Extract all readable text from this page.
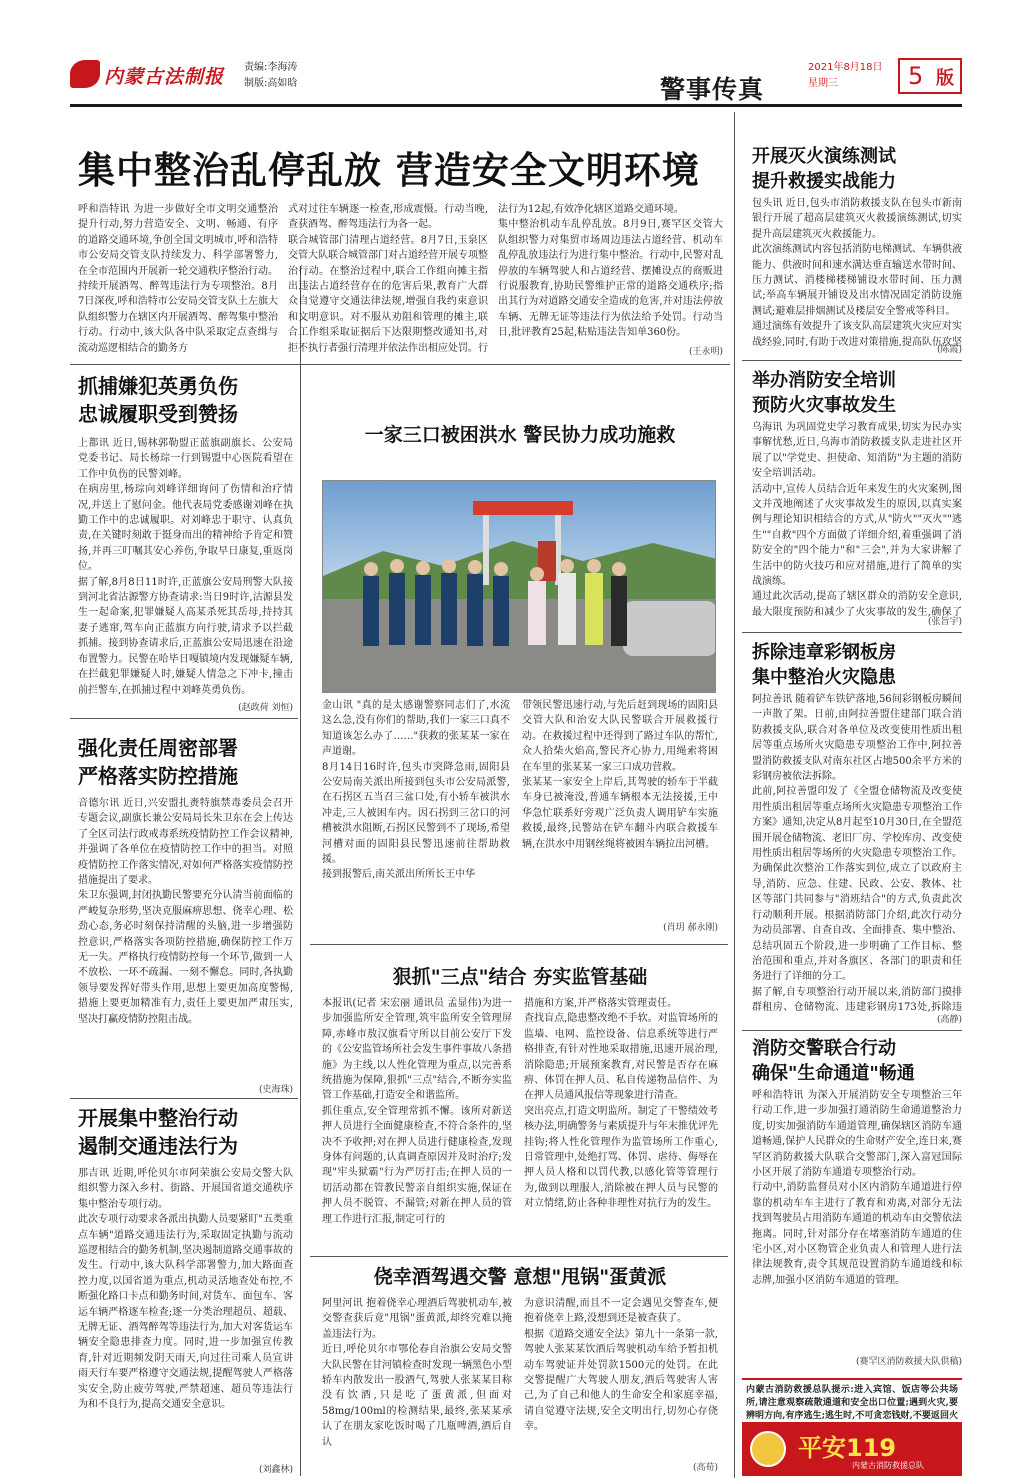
内蒙古法制报 责编:李海涛
制版:高如晗	警事传真
2021年8月18日
星期三	5 版
集中整治乱停乱放 营造安全文明环境
呼和浩特讯 为进一步做好全市文明交通整治提升行动,努力营造安全、文明、畅通、有序的道路交通环境,争创全国文明城市,呼和浩特市公安局交管支队持续发力、科学部署警力,在全市范围内开展新一轮交通秩序整治行动。
持续开展酒驾、醉驾违法行为专项整治。8月7日深夜,呼和浩特市公安局交管支队土左旗大队组织警力在辖区内开展酒驾、醉驾集中整治行动。行动中,该大队各中队采取定点查缉与流动巡逻相结合的勤务方
式对过往车辆逐一检查,形成震慑。行动当晚,查获酒驾、醉驾违法行为各一起。
联合城管部门清理占道经营。8月7日,玉泉区交管大队联合城管部门对占道经营开展专项整治行动。在整治过程中,联合工作组向摊主指出违法占道经营存在的危害后果,教育广大群众自觉遵守交通法律法规,增强自我约束意识和文明意识。对不服从劝阻和管理的摊主,联合工作组采取证据后下达限期整改通知书,对拒不执行者强行清理并依法作出相应处罚。行
法行为12起,有效净化辖区道路交通环境。
集中整治机动车乱停乱放。8月9日,赛罕区交管大队组织警力对集贸市场周边违法占道经营、机动车乱停乱放违法行为进行集中整治。行动中,民警对乱停放的车辆驾驶人和占道经营、摆摊设点的商贩进行说服教育,协助民警维护正常的道路交通秩序;指出其行为对道路交通安全造成的危害,并对违法停放车辆、无牌无证等违法行为依法给予处罚。行动当日,批评教育25起,粘贴违法告知单360份。
(王永明)
抓捕嫌犯英勇负伤
忠诚履职受到赞扬
上都讯 近日,锡林郭勒盟正蓝旗副旗长、公安局党委书记、局长杨琮一行到锡盟中心医院看望在工作中负伤的民警刘峰。
在病房里,杨琮向刘峰详细询问了伤情和治疗情况,并送上了慰问金。他代表局党委感谢刘峰在执勤工作中的忠诚履职。对刘峰忠于职守、认真负责,在关键时刻敢于挺身而出的精神给予肯定和赞扬,并再三叮嘱其安心养伤,争取早日康复,重返岗位。
据了解,8月8日11时许,正蓝旗公安局刑警大队接到河北省沽源警方协查请求:当日9时许,沽源县发生一起命案,犯罪嫌疑人高某杀死其岳母,持持其妻子逃窜,驾车向正蓝旗方向行驶,请求予以拦截抓捕。接到协查请求后,正蓝旗公安局迅速在沿途布置警力。民警在哈毕日嘎镇境内发现嫌疑车辆,在拦截犯罪嫌疑人时,嫌疑人情急之下冲卡,撞击前拦警车,在抓捕过程中刘峰英勇负伤。

(赵政荷 刘恒)
强化责任周密部署
严格落实防控措施
音德尔讯 近日,兴安盟扎赉特旗禁毒委员会召开专题会议,副旗长兼公安局局长朱卫东在会上传达了全区司法行政戒毒系统疫情防控工作会议精神,并强调了各单位在疫情防控工作中的担当。对照疫情防控工作落实情况,对如何严格落实疫情防控措施提出了要求。
朱卫东强调,封闭执勤民警要充分认清当前面临的严峻复杂形势,坚决克服麻痹思想、侥幸心理、松劲心态,务必时刻保持清醒的头脑,进一步增强防控意识,严格落实各项防控措施,确保防控工作万无一失。严格执行疫情防控每一个环节,做到一人不放松、一环不疏漏、一刻不懈怠。同时,各执勤领导要发挥好带头作用,思想上要更加高度警惕,措施上要更加精准有力,责任上要更加严肃压实,坚决打赢疫情防控阻击战。
(史海珠)
开展集中整治行动
遏制交通违法行为
那吉讯 近期,呼伦贝尔市阿荣旗公安局交警大队组织警力深入乡村、街路、开展国省道交通秩序集中整治专项行动。
此次专项行动要求各派出执勤人员要紧盯"五类重点车辆"道路交通违法行为,采取固定执勤与流动巡逻相结合的勤务机制,坚决遏制道路交通事故的发生。行动中,该大队科学部署警力,加大路面查控力度,以国省道为重点,机动灵活地查处布控,不断强化路口卡点和勤务时间,对货车、面包车、客运车辆严格逐车检查;逐一分类治理超员、超载、无牌无证、酒驾醉驾等违法行为,加大对客货运车辆安全隐患排查力度。同时,进一步加强宣传教育,针对近期频发阴天雨天,向过往司乘人员宣讲雨天行车要严格遵守交通法规,提醒驾驶人严格落实安全,防止疲劳驾驶,严禁超速、超员等违法行为和不良行为,提高交通安全意识。
(刘鑫林)
一家三口被困洪水 警民协力成功施救
金山讯 "真的是太感谢警察同志们了,水流这么急,没有你们的帮助,我们一家三口真不知道该怎么办了……"获救的张某某一家在声道谢。
8月14日16时许,包头市突降急雨,固阳县公安局南关派出所接到包头市公安局派警,在石拐区五当召三盆口处,有小轿车被洪水冲走,三人被困车内。因石拐到三岔口的河槽被洪水阻断,石拐区民警到不了现场,希望河槽对面的固阳县民警迅速前往帮助救援。
接到报警后,南关派出所所长王中华
带领民警迅速行动,与先后赶到现场的固阳县交管大队和治安大队民警联合开展救援行动。在救援过程中还得到了路过车队的帮忙,众人拾柴火焰高,警民齐心协力,用绳索将困在车里的张某某一家三口成功营救。
张某某一家安全上岸后,其驾驶的轿车于半截车身已被淹没,普通车辆根本无法接援,王中华急忙联系好旁观广泛负责人调用铲车实施救援,最终,民警站在铲车翻斗内联合救援车辆,在洪水中用钢丝绳将被困车辆拉出河槽。
(肖玥 郝永刚)
狠抓"三点"结合 夯实监管基础
本报讯(记者 宋宏丽 通讯员 孟显伟)为进一步加强监所安全管理,筑牢监所安全管理屏障,赤峰市敖汉旗看守所以目前公安厅下发的《公安监管场所社会发生事件事故八条措施》为主线,以人性化管理为重点,以完善系统措施为保障,狠抓"三点"结合,不断夯实监管工作基础,打造安全和谐监所。
抓住重点,安全管理常抓不懈。该所对新送押人员进行全面健康检查,不符合条件的,坚决不予收押;对在押人员进行健康检查,发现身体有问题的,认真调查原因并及时治疗;发现"牢头狱霸"行为严厉打击;在押人员的一切活动都在管教民警亲自组织实施,保证在押人员不脱管、不漏管;对新在押人员的管理工作进行汇报,制定可行的
措施和方案,并严格落实管理责任。
查找盲点,隐患整改绝不手软。对监管场所的监墙、电网、监控设备、信息系统等进行严格排查,有针对性地采取措施,迅速开展治理,消除隐患;开展预案教育,对民警是否存在麻痹、体罚在押人员、私自传递物品信件、为在押人员通风报信等现象进行清查。
突出亮点,打造文明监所。制定了干警绩效考核办法,明确警务与素质提升与年末推优评先挂钩;将人性化管理作为监管场所工作重心,日常管理中,处绝打骂、体罚、虐待、侮辱在押人员人格和以罚代教,以感化管等管理行为,做到以理服人,消除被在押人员与民警的对立情绪,防止各种非理性对抗行为的发生。
侥幸酒驾遇交警 意想"甩锅"蛋黄派
阿里河讯 抱着侥幸心理酒后驾驶机动车,被交警查获后竟"甩锅"蛋黄派,却终究难以掩盖违法行为。
近日,呼伦贝尔市鄂伦春自治旗公安局交警大队民警在甘河镇检查时发现一辆黑色小型轿车内散发出一股酒气,驾驶人张某某目称没有饮酒,只是吃了蛋黄派,但面对58mg/100ml的检测结果,最终,张某某承认了在朋友家吃饭时喝了几瓶啤酒,酒后自认
为意识清醒,而且不一定会遇见交警查车,便抱着侥幸上路,没想到还是被查获了。
根据《道路交通安全法》第九十一条第一款,驾驶人张某某饮酒后驾驶机动车给予暂扣机动车驾驶证并处罚款1500元的处罚。在此交警提醒广大驾驶人朋友,酒后驾驶害人害己,为了自己和他人的生命安全和家庭幸福,请自觉遵守法规,安全文明出行,切勿心存侥幸。
(高荀)
开展灭火演练测试
提升救援实战能力
包头讯 近日,包头市消防救援支队在包头市新南银行开展了超高层建筑灭火救援演练测试,切实提升高层建筑灭火救援能力。
此次演练测试内容包括消防电梯测试、车辆供液能力、供液时间和速水满达垂直输送水带时间、压力测试、消楼梯楼梯铺设水带时间、压力测试;举高车辆展开铺设及出水情况固定消防设施测试;避难层排烟测试及楼层安全警戒等科目。
通过演练有效提升了该支队高层建筑火灾应对实战经验,同时,有助于改进对策措施,提高队伍攻坚
(陈霞)
举办消防安全培训
预防火灾事故发生
乌海讯 为巩固党史学习教育成果,切实为民办实事解忧愁,近日,乌海市消防救援支队走进社区开展了以"学党史、担使命、知消防"为主题的消防安全培训活动。
活动中,宣传人员结合近年来发生的火灾案例,图文并茂地阐述了火灾事故发生的原因,以真实案例与理论知识相结合的方式,从"防火""灭火""逃生""自救"四个方面做了详细介绍,着重强调了消防安全的"四个能力"和"三会",并为大家讲解了生活中的防火技巧和应对措施,进行了简单的实战演练。
通过此次活动,提高了辖区群众的消防安全意识,最大限度预防和减少了火灾事故的发生,确保了
(张旨宇)
拆除违章彩钢板房
集中整治火灾隐患
阿拉善讯 随着铲车铁铲落地,56间彩钢板房瞬间一声散了架。日前,由阿拉善盟住建部门联合消防救援支队,联合对各单位及改变使用性质出租居等重点场所火灾隐患专项整治工作中,阿拉善盟消防救援支队对南东社区占地500余平方米的彩钢房被依法拆除。
此前,阿拉善盟印发了《全盟仓储物流及改变使用性质出租居等重点场所火灾隐患专项整治工作方案》通知,决定从8月起至10月30日,在全盟范围开展仓储物流、老旧厂房、学校库房、改变使用性质出租居等场所的火灾隐患专项整治工作。
为确保此次整治工作落实到位,成立了以政府主导,消防、应急、住建、民政、公安、教体、社区等部门共同参与"消班结合"的方式,负责此次行动顺利开展。根据消防部门介绍,此次行动分为动员部署、自查自改、全面排查、集中整治、总结巩固五个阶段,进一步明确了工作目标、整治范围和重点,并对各旗区、各部门的职责和任务进行了详细的分工。
据了解,自专项整治行动开展以来,消防部门摸排群租房、仓储物流、违建彩钢房173处,拆除违
(高静)
消防交警联合行动
确保"生命通道"畅通
呼和浩特讯 为深入开展消防安全专项整治三年行动工作,进一步加强打通消防生命通道整治力度,切实加强消防车通道管理,确保辖区消防车通道畅通,保护人民群众的生命财产安全,连日来,赛罕区消防救援大队联合交警部门,深入富冠国际小区开展了消防车通道专项整治行动。
行动中,消防监督员对小区内消防车通道进行停靠的机动车车主进行了教育和劝离,对部分无法找到驾驶员占用消防车通道的机动车由交警依法拖离。同时,针对部分存在堵塞消防车通道的住宅小区,对小区物管企业负责人和管理人进行法律法规教育,责令其规范设置消防车通道线和标志牌,加强小区消防车通道的管理。
(赛罕区消防救援大队供稿)
内蒙古消防救援总队提示:进入宾馆、饭店等公共场所,请注意观察疏散通道和安全出口位置;遇到火灾,要辨明方向,有序逃生;逃生时,不可贪恋钱财,不要返回火
平安119
内蒙古消防救援总队
